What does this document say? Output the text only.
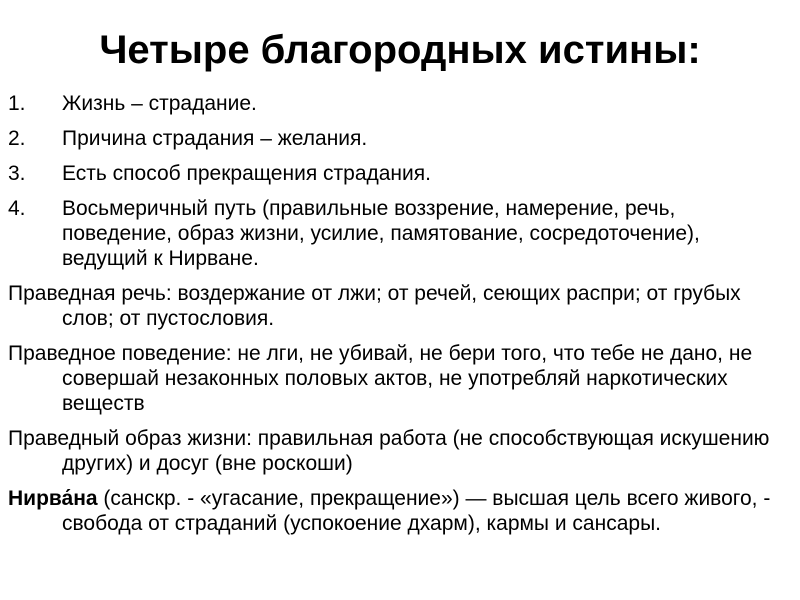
Четыре благородных истины:
1.	Жизнь – страдание.
2.	Причина страдания – желания.
3.	Есть способ прекращения страдания.
4.	Восьмеричный путь (правильные воззрение, намерение, речь, поведение, образ жизни, усилие, памятование, сосредоточение), ведущий к Нирване.

Праведная речь: воздержание от лжи; от речей, сеющих распри; от грубых слов; от пустословия.

Праведное поведение: не лги, не убивай, не бери того, что тебе не дано, не совершай незаконных половых актов, не употребляй наркотических веществ

Праведный образ жизни: правильная работа (не способствующая искушению других) и досуг (вне роскоши)

Нирва́на (санскр. - «угасание, прекращение») — высшая цель всего живого, - свобода от страданий (успокоение дхарм), кармы и сансары.
